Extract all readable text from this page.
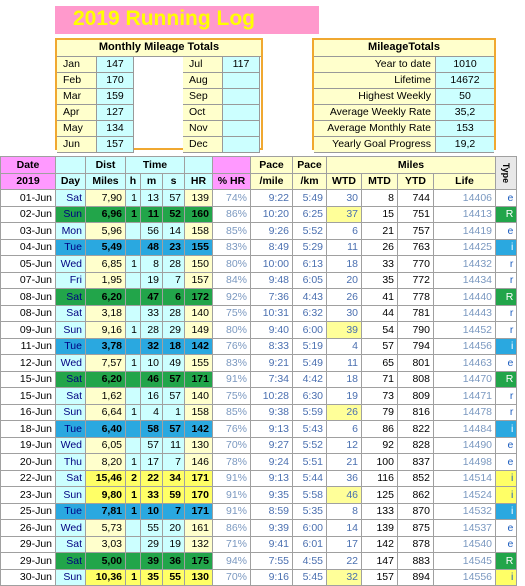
2019 Running Log
Monthly Mileage Totals
Jan	147
Feb	170
Mar	159
Apr	127
May	134
Jun	157
Jul	117
Aug
Sep
Oct
Nov
Dec
MileageTotals
Year to date	1010
Lifetime	14672
Highest Weekly	50
Average Weekly Rate	35,2
Average Monthly Rate	153
Yearly Goal Progress	19,2
Date		Dist	Time					Pace	Pace	Miles				Type
2019	Day	Miles	h	m	s	HR	% HR	/mile	/km	WTD	MTD	YTD	Life	
01-Jun	Sat	7,90	1	13	57	139	74%	9:22	5:49	30	8	744	14406	e
02-Jun	Sun	6,96	1	11	52	160	86%	10:20	6:25	37	15	751	14413	R
03-Jun	Mon	5,96		56	14	158	85%	9:26	5:52	6	21	757	14419	e
04-Jun	Tue	5,49		48	23	155	83%	8:49	5:29	11	26	763	14425	i
05-Jun	Wed	6,85	1	8	28	150	80%	10:00	6:13	18	33	770	14432	r
07-Jun	Fri	1,95		19	7	157	84%	9:48	6:05	20	35	772	14434	r
08-Jun	Sat	6,20		47	6	172	92%	7:36	4:43	26	41	778	14440	R
08-Jun	Sat	3,18		33	28	140	75%	10:31	6:32	30	44	781	14443	r
09-Jun	Sun	9,16	1	28	29	149	80%	9:40	6:00	39	54	790	14452	r
11-Jun	Tue	3,78		32	18	142	76%	8:33	5:19	4	57	794	14456	i
12-Jun	Wed	7,57	1	10	49	155	83%	9:21	5:49	11	65	801	14463	e
15-Jun	Sat	6,20		46	57	171	91%	7:34	4:42	18	71	808	14470	R
15-Jun	Sat	1,62		16	57	140	75%	10:28	6:30	19	73	809	14471	r
16-Jun	Sun	6,64	1	4	1	158	85%	9:38	5:59	26	79	816	14478	r
18-Jun	Tue	6,40		58	57	142	76%	9:13	5:43	6	86	822	14484	i
19-Jun	Wed	6,05		57	11	130	70%	9:27	5:52	12	92	828	14490	e
20-Jun	Thu	8,20	1	17	7	146	78%	9:24	5:51	21	100	837	14498	e
22-Jun	Sat	15,46	2	22	34	171	91%	9:13	5:44	36	116	852	14514	i
23-Jun	Sun	9,80	1	33	59	170	91%	9:35	5:58	46	125	862	14524	i
25-Jun	Tue	7,81	1	10	7	171	91%	8:59	5:35	8	133	870	14532	i
26-Jun	Wed	5,73		55	20	161	86%	9:39	6:00	14	139	875	14537	e
29-Jun	Sat	3,03		29	19	132	71%	9:41	6:01	17	142	878	14540	e
29-Jun	Sat	5,00		39	36	175	94%	7:55	4:55	22	147	883	14545	R
30-Jun	Sun	10,36	1	35	55	130	70%	9:16	5:45	32	157	894	14556	i
